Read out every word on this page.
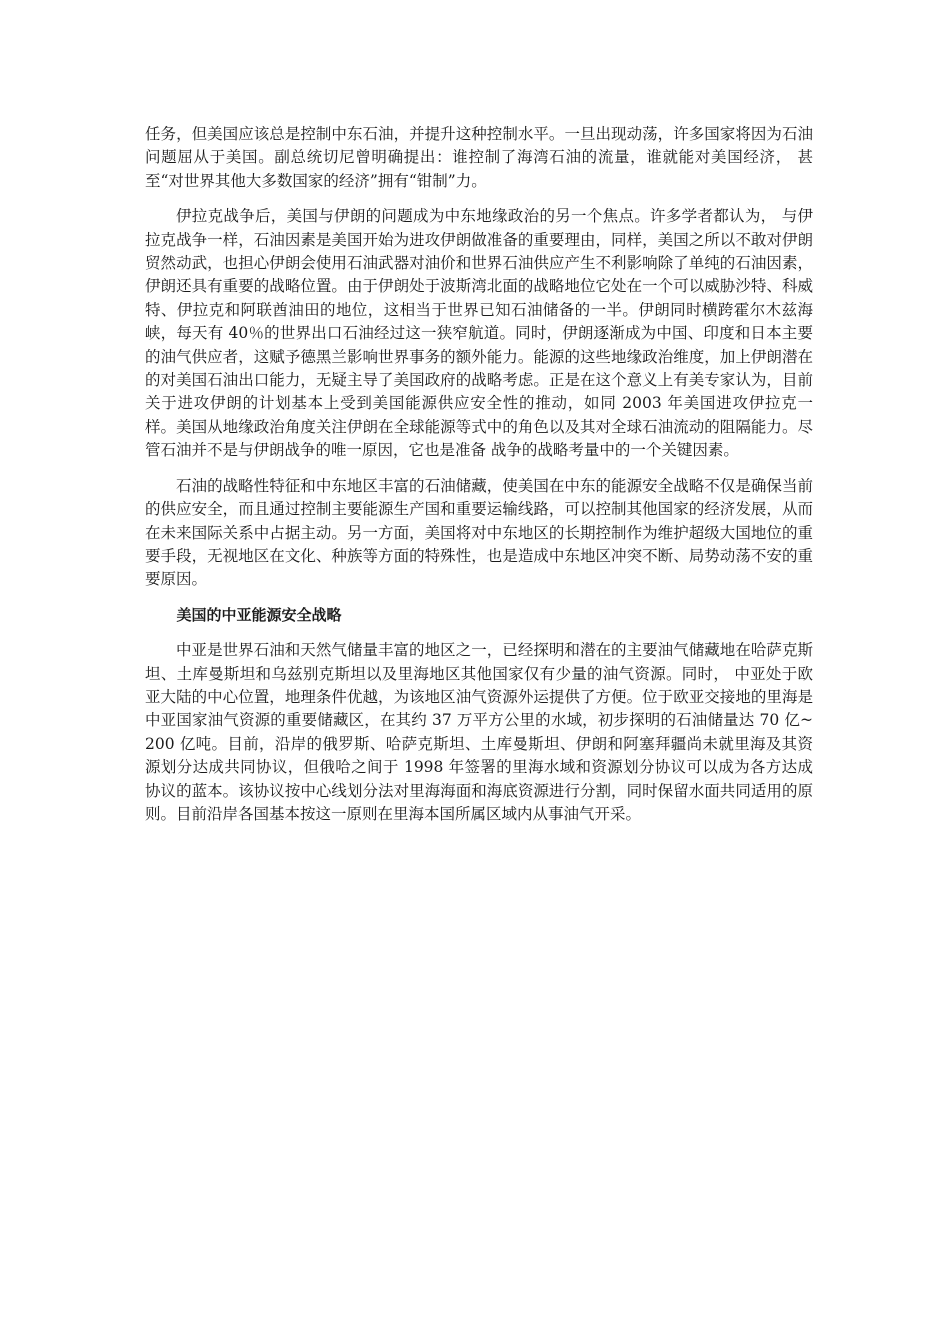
任务，但美国应该总是控制中东石油，并提升这种控制水平。一旦出现动荡，许多国家将因为石油问题屈从于美国。副总统切尼曾明确提出：谁控制了海湾石油的流量，谁就能对美国经济， 甚至“对世界其他大多数国家的经济”拥有“钳制”力。

伊拉克战争后，美国与伊朗的问题成为中东地缘政治的另一个焦点。许多学者都认为， 与伊拉克战争一样，石油因素是美国开始为进攻伊朗做准备的重要理由，同样，美国之所以不敢对伊朗贸然动武，也担心伊朗会使用石油武器对油价和世界石油供应产生不利影响除了单纯的石油因素，伊朗还具有重要的战略位置。由于伊朗处于波斯湾北面的战略地位它处在一个可以威胁沙特、科威特、伊拉克和阿联酋油田的地位，这相当于世界已知石油储备的一半。伊朗同时横跨霍尔木兹海峡，每天有 40％的世界出口石油经过这一狭窄航道。同时，伊朗逐渐成为中国、印度和日本主要的油气供应者，这赋予德黑兰影响世界事务的额外能力。能源的这些地缘政治维度，加上伊朗潜在的对美国石油出口能力，无疑主导了美国政府的战略考虑。正是在这个意义上有美专家认为，目前关于进攻伊朗的计划基本上受到美国能源供应安全性的推动，如同 2003 年美国进攻伊拉克一样。美国从地缘政治角度关注伊朗在全球能源等式中的角色以及其对全球石油流动的阻隔能力。尽管石油并不是与伊朗战争的唯一原因，它也是准备 战争的战略考量中的一个关键因素。

石油的战略性特征和中东地区丰富的石油储藏，使美国在中东的能源安全战略不仅是确保当前的供应安全，而且通过控制主要能源生产国和重要运输线路，可以控制其他国家的经济发展，从而在未来国际关系中占据主动。另一方面，美国将对中东地区的长期控制作为维护超级大国地位的重要手段，无视地区在文化、种族等方面的特殊性，也是造成中东地区冲突不断、局势动荡不安的重要原因。

美国的中亚能源安全战略

中亚是世界石油和天然气储量丰富的地区之一，已经探明和潜在的主要油气储藏地在哈萨克斯坦、土库曼斯坦和乌兹别克斯坦以及里海地区其他国家仅有少量的油气资源。同时， 中亚处于欧亚大陆的中心位置，地理条件优越，为该地区油气资源外运提供了方便。位于欧亚交接地的里海是中亚国家油气资源的重要储藏区，在其约 37 万平方公里的水域，初步探明的石油储量达 70 亿~200 亿吨。目前，沿岸的俄罗斯、哈萨克斯坦、土库曼斯坦、伊朗和阿塞拜疆尚未就里海及其资源划分达成共同协议，但俄哈之间于 1998 年签署的里海水域和资源划分协议可以成为各方达成协议的蓝本。该协议按中心线划分法对里海海面和海底资源进行分割，同时保留水面共同适用的原则。目前沿岸各国基本按这一原则在里海本国所属区域内从事油气开采。
